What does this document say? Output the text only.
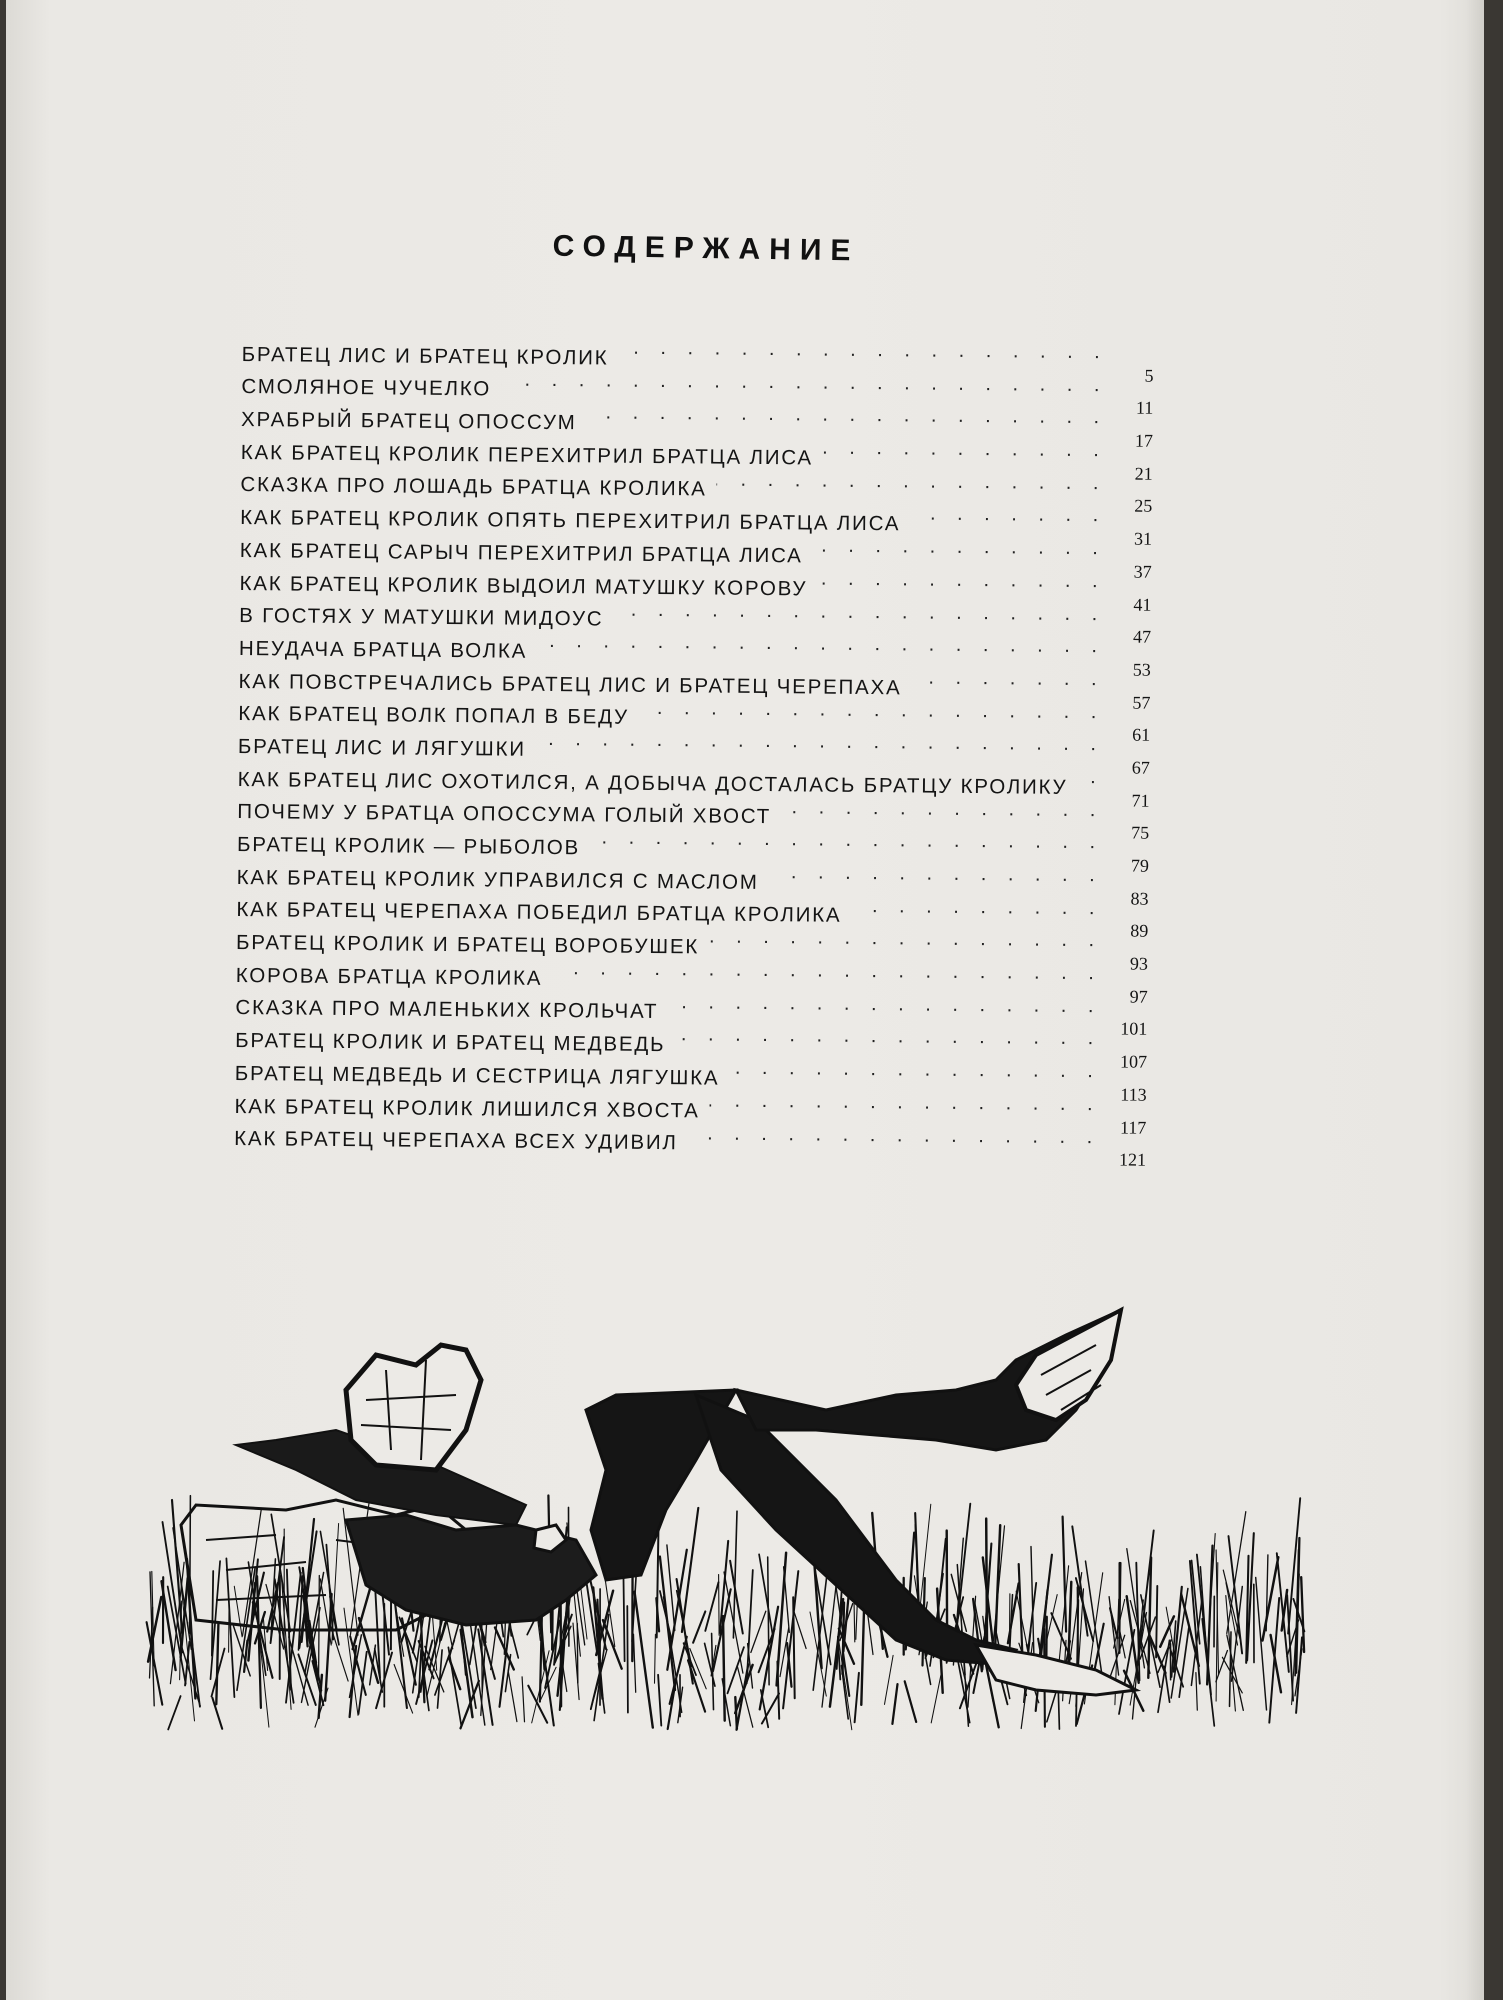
СОДЕРЖАНИЕ
БРАТЕЦ ЛИС И БРАТЕЦ КРОЛИК
. . .
5
СМОЛЯНОЕ ЧУЧЕЛКО
. . .
11
ХРАБРЫЙ БРАТЕЦ ОПОССУМ
. . .
17
КАК БРАТЕЦ КРОЛИК ПЕРЕХИТРИЛ БРАТЦА ЛИСА
. . .
21
СКАЗКА ПРО ЛОШАДЬ БРАТЦА КРОЛИКА
. . .
25
КАК БРАТЕЦ КРОЛИК ОПЯТЬ ПЕРЕХИТРИЛ БРАТЦА ЛИСА
. . .
31
КАК БРАТЕЦ САРЫЧ ПЕРЕХИТРИЛ БРАТЦА ЛИСА
. . .
37
КАК БРАТЕЦ КРОЛИК ВЫДОИЛ МАТУШКУ КОРОВУ
. . .
41
В ГОСТЯХ У МАТУШКИ МИДОУС
. . .
47
НЕУДАЧА БРАТЦА ВОЛКА
. . .
53
КАК ПОВСТРЕЧАЛИСЬ БРАТЕЦ ЛИС И БРАТЕЦ ЧЕРЕПАХА
. . .
57
КАК БРАТЕЦ ВОЛК ПОПАЛ В БЕДУ
. . .
61
БРАТЕЦ ЛИС И ЛЯГУШКИ
. . .
67
КАК БРАТЕЦ ЛИС ОХОТИЛСЯ, А ДОБЫЧА ДОСТАЛАСЬ БРАТЦУ КРОЛИКУ
. . .
71
ПОЧЕМУ У БРАТЦА ОПОССУМА ГОЛЫЙ ХВОСТ
. . .
75
БРАТЕЦ КРОЛИК — РЫБОЛОВ
. . .
79
КАК БРАТЕЦ КРОЛИК УПРАВИЛСЯ С МАСЛОМ
. . .
83
КАК БРАТЕЦ ЧЕРЕПАХА ПОБЕДИЛ БРАТЦА КРОЛИКА
. . .
89
БРАТЕЦ КРОЛИК И БРАТЕЦ ВОРОБУШЕК
. . .
93
КОРОВА БРАТЦА КРОЛИКА
. . .
97
СКАЗКА ПРО МАЛЕНЬКИХ КРОЛЬЧАТ
. . .
101
БРАТЕЦ КРОЛИК И БРАТЕЦ МЕДВЕДЬ
. . .
107
БРАТЕЦ МЕДВЕДЬ И СЕСТРИЦА ЛЯГУШКА
. . .
113
КАК БРАТЕЦ КРОЛИК ЛИШИЛСЯ ХВОСТА
. . .
117
КАК БРАТЕЦ ЧЕРЕПАХА ВСЕХ УДИВИЛ
. . .
121
